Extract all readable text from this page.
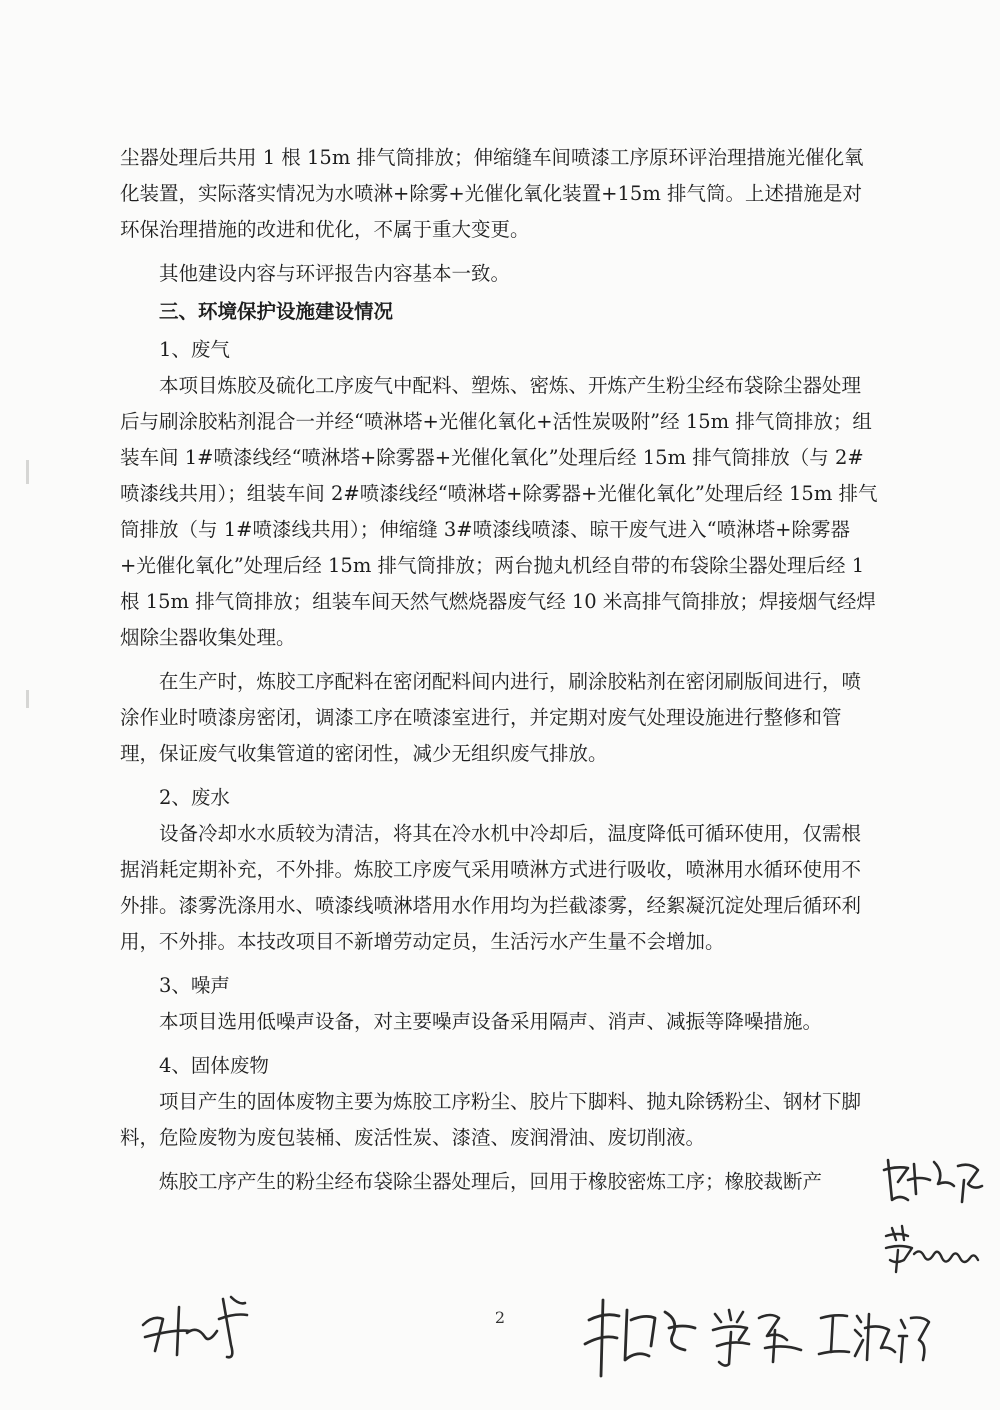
尘器处理后共用 1 根 15m 排气筒排放；伸缩缝车间喷漆工序原环评治理措施光催化氧化装置，实际落实情况为水喷淋+除雾+光催化氧化装置+15m 排气筒。上述措施是对环保治理措施的改进和优化，不属于重大变更。

其他建设内容与环评报告内容基本一致。

三、环境保护设施建设情况

1、废气

本项目炼胶及硫化工序废气中配料、塑炼、密炼、开炼产生粉尘经布袋除尘器处理后与刷涂胶粘剂混合一并经“喷淋塔+光催化氧化+活性炭吸附”经 15m 排气筒排放；组装车间 1#喷漆线经“喷淋塔+除雾器+光催化氧化”处理后经 15m 排气筒排放（与 2#喷漆线共用）；组装车间 2#喷漆线经“喷淋塔+除雾器+光催化氧化”处理后经 15m 排气筒排放（与 1#喷漆线共用）；伸缩缝 3#喷漆线喷漆、晾干废气进入“喷淋塔+除雾器+光催化氧化”处理后经 15m 排气筒排放；两台抛丸机经自带的布袋除尘器处理后经 1 根 15m 排气筒排放；组装车间天然气燃烧器废气经 10 米高排气筒排放；焊接烟气经焊烟除尘器收集处理。

在生产时，炼胶工序配料在密闭配料间内进行，刷涂胶粘剂在密闭刷版间进行，喷涂作业时喷漆房密闭，调漆工序在喷漆室进行，并定期对废气处理设施进行整修和管理，保证废气收集管道的密闭性，减少无组织废气排放。

2、废水

设备冷却水水质较为清洁，将其在冷水机中冷却后，温度降低可循环使用，仅需根据消耗定期补充，不外排。炼胶工序废气采用喷淋方式进行吸收，喷淋用水循环使用不外排。漆雾洗涤用水、喷漆线喷淋塔用水作用均为拦截漆雾，经絮凝沉淀处理后循环利用，不外排。本技改项目不新增劳动定员，生活污水产生量不会增加。

3、噪声

本项目选用低噪声设备，对主要噪声设备采用隔声、消声、减振等降噪措施。

4、固体废物

项目产生的固体废物主要为炼胶工序粉尘、胶片下脚料、抛丸除锈粉尘、钢材下脚料，危险废物为废包装桶、废活性炭、漆渣、废润滑油、废切削液。

炼胶工序产生的粉尘经布袋除尘器处理后，回用于橡胶密炼工序；橡胶裁断产

2
